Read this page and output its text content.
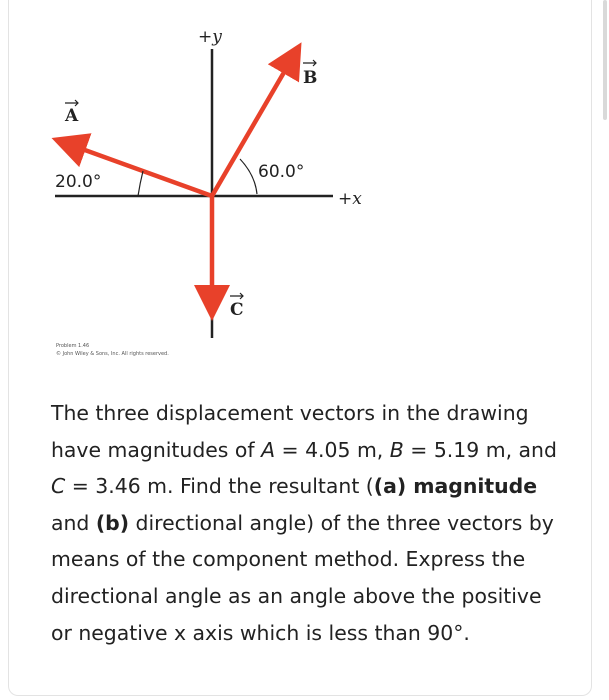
+y
+x
A
B
C
20.0°	60.0°
Problem 1.46
© John Wiley & Sons, Inc. All rights reserved.

The three displacement vectors in the drawing have magnitudes of A = 4.05 m, B = 5.19 m, and C = 3.46 m. Find the resultant ((a) magnitude and (b) directional angle) of the three vectors by means of the component method. Express the directional angle as an angle above the positive or negative x axis which is less than 90°.
